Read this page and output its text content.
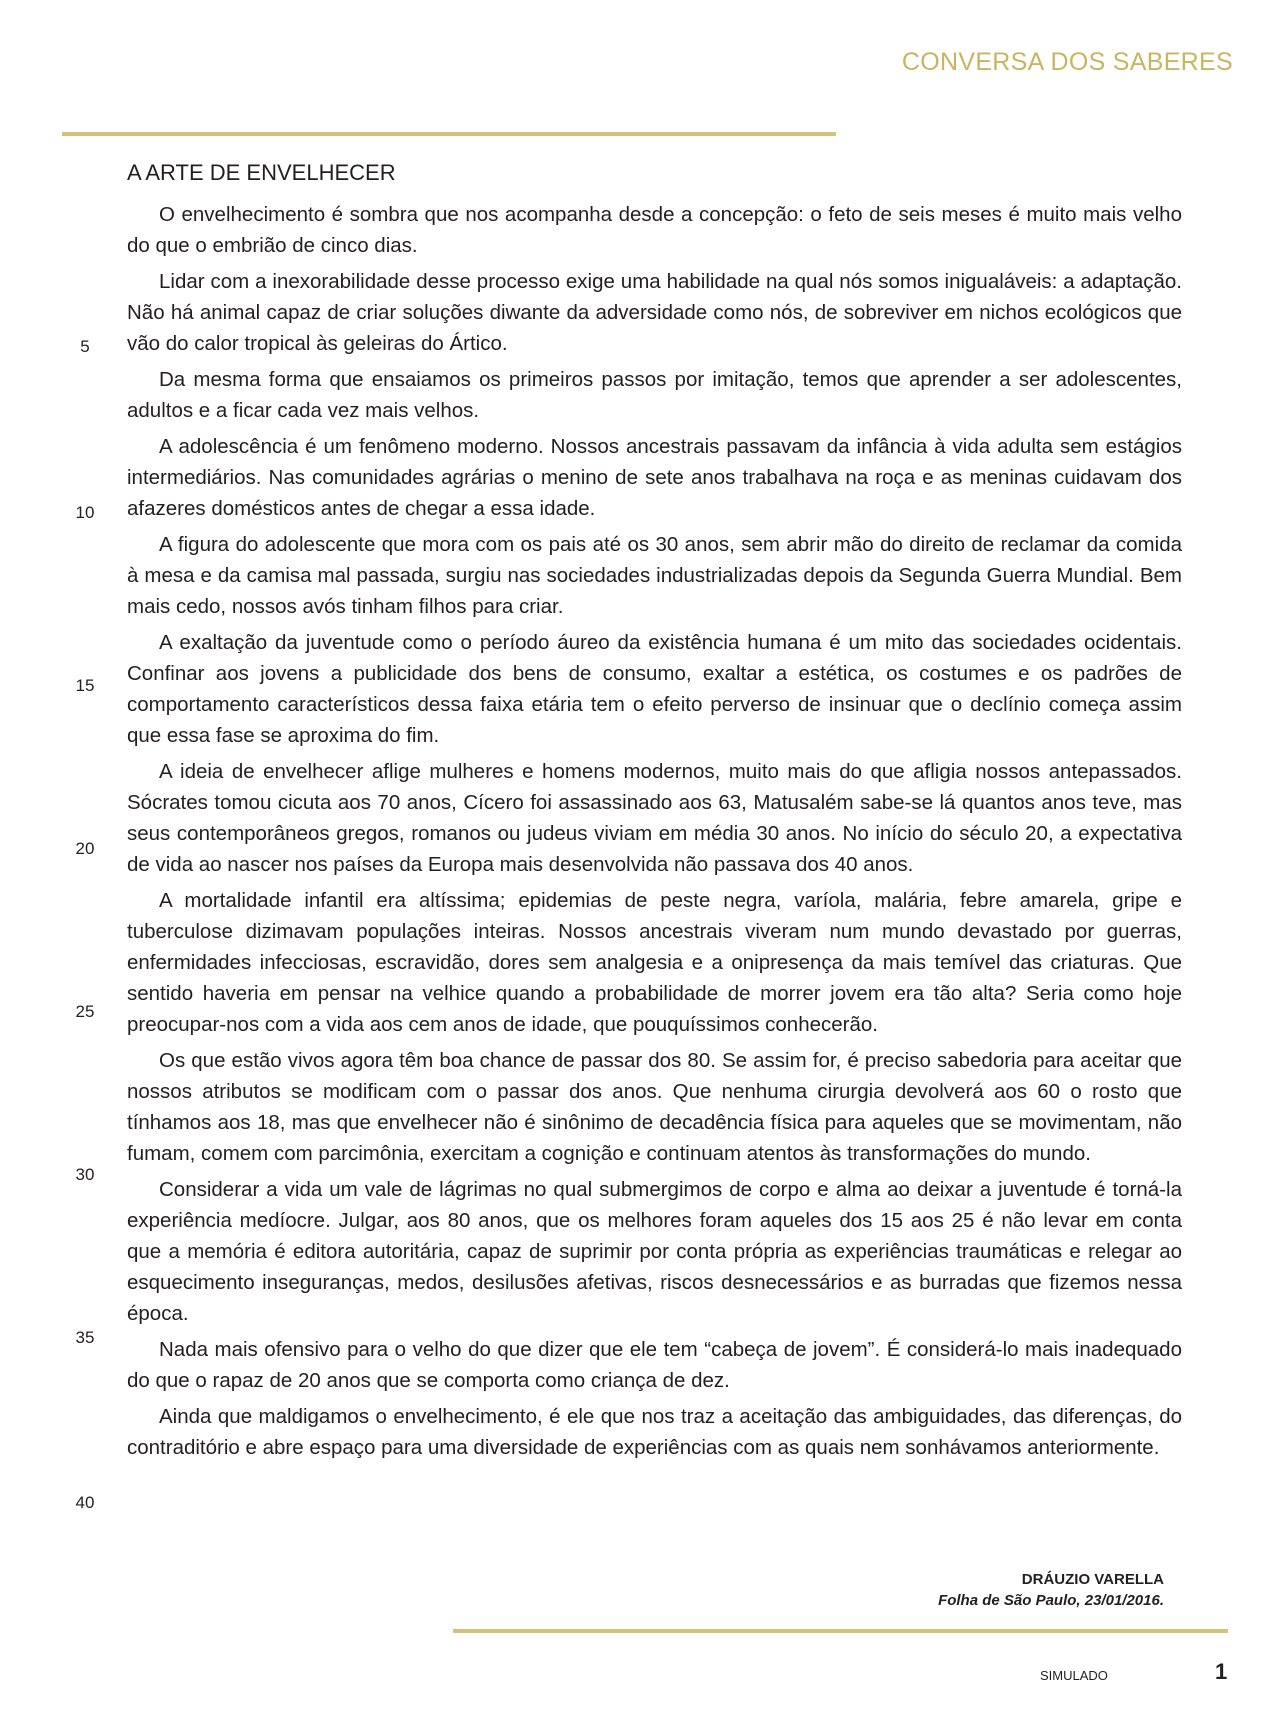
CONVERSA DOS SABERES
A ARTE DE ENVELHECER

O envelhecimento é sombra que nos acompanha desde a concepção: o feto de seis meses é muito mais velho do que o embrião de cinco dias.

Lidar com a inexorabilidade desse processo exige uma habilidade na qual nós somos inigualáveis: a adaptação. Não há animal capaz de criar soluções diwante da adversidade como nós, de sobreviver em nichos ecológicos que vão do calor tropical às geleiras do Ártico.

Da mesma forma que ensaiamos os primeiros passos por imitação, temos que aprender a ser adolescentes, adultos e a ficar cada vez mais velhos.

A adolescência é um fenômeno moderno. Nossos ancestrais passavam da infância à vida adulta sem estágios intermediários. Nas comunidades agrárias o menino de sete anos trabalhava na roça e as meninas cuidavam dos afazeres domésticos antes de chegar a essa idade.

A figura do adolescente que mora com os pais até os 30 anos, sem abrir mão do direito de reclamar da comida à mesa e da camisa mal passada, surgiu nas sociedades industrializadas depois da Segunda Guerra Mundial. Bem mais cedo, nossos avós tinham filhos para criar.

A exaltação da juventude como o período áureo da existência humana é um mito das sociedades ocidentais. Confinar aos jovens a publicidade dos bens de consumo, exaltar a estética, os costumes e os padrões de comportamento característicos dessa faixa etária tem o efeito perverso de insinuar que o declínio começa assim que essa fase se aproxima do fim.

A ideia de envelhecer aflige mulheres e homens modernos, muito mais do que afligia nossos antepassados. Sócrates tomou cicuta aos 70 anos, Cícero foi assassinado aos 63, Matusalém sabe-se lá quantos anos teve, mas seus contemporâneos gregos, romanos ou judeus viviam em média 30 anos. No início do século 20, a expectativa de vida ao nascer nos países da Europa mais desenvolvida não passava dos 40 anos.

A mortalidade infantil era altíssima; epidemias de peste negra, varíola, malária, febre amarela, gripe e tuberculose dizimavam populações inteiras. Nossos ancestrais viveram num mundo devastado por guerras, enfermidades infecciosas, escravidão, dores sem analgesia e a onipresença da mais temível das criaturas. Que sentido haveria em pensar na velhice quando a probabilidade de morrer jovem era tão alta? Seria como hoje preocupar-nos com a vida aos cem anos de idade, que pouquíssimos conhecerão.

Os que estão vivos agora têm boa chance de passar dos 80. Se assim for, é preciso sabedoria para aceitar que nossos atributos se modificam com o passar dos anos. Que nenhuma cirurgia devolverá aos 60 o rosto que tínhamos aos 18, mas que envelhecer não é sinônimo de decadência física para aqueles que se movimentam, não fumam, comem com parcimônia, exercitam a cognição e continuam atentos às transformações do mundo.

Considerar a vida um vale de lágrimas no qual submergimos de corpo e alma ao deixar a juventude é torná-la experiência medíocre. Julgar, aos 80 anos, que os melhores foram aqueles dos 15 aos 25 é não levar em conta que a memória é editora autoritária, capaz de suprimir por conta própria as experiências traumáticas e relegar ao esquecimento inseguranças, medos, desilusões afetivas, riscos desnecessários e as burradas que fizemos nessa época.

Nada mais ofensivo para o velho do que dizer que ele tem “cabeça de jovem”. É considerá-lo mais inadequado do que o rapaz de 20 anos que se comporta como criança de dez.

Ainda que maldigamos o envelhecimento, é ele que nos traz a aceitação das ambiguidades, das diferenças, do contraditório e abre espaço para uma diversidade de experiências com as quais nem sonhávamos anteriormente.

5
10
15
20
25
30
35
40
DRÁUZIO VARELLA
Folha de São Paulo, 23/01/2016.
SIMULADO	1
